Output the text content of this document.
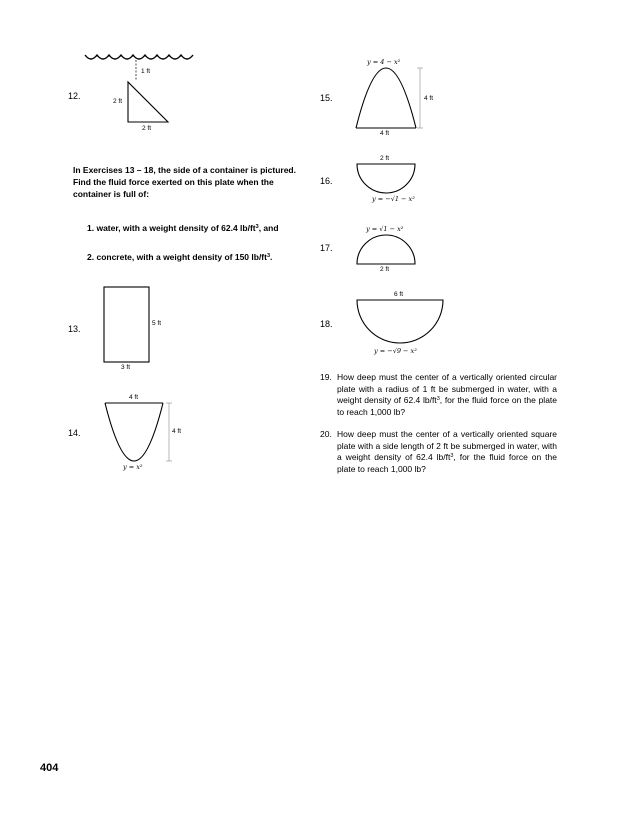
12.
1 ft
2 ft
2 ft
In Exercises 13 – 18, the side of a container is pictured. Find the fluid force exerted on this plate when the container is full of:
1. water, with a weight density of 62.4 $lb/ft^3$, and
2. concrete, with a weight density of 150 $lb/ft^3$.
13.
5 ft
3 ft
14.
4 ft
4 ft
y = x²
15.
y = 4 − x²
4 ft
4 ft
16.
2 ft
y = −√1 − x²
17.
y = √1 − x²
2 ft
18.
6 ft
y = −√9 − x²
19. How deep must the center of a vertically oriented circular plate with a radius of 1 ft be submerged in water, with a weight density of 62.4 $lb/ft^3$, for the fluid force on the plate to reach 1,000 lb?
20. How deep must the center of a vertically oriented square plate with a side length of 2 ft be submerged in water, with a weight density of 62.4 $lb/ft^3$, for the fluid force on the plate to reach 1,000 lb?
404
